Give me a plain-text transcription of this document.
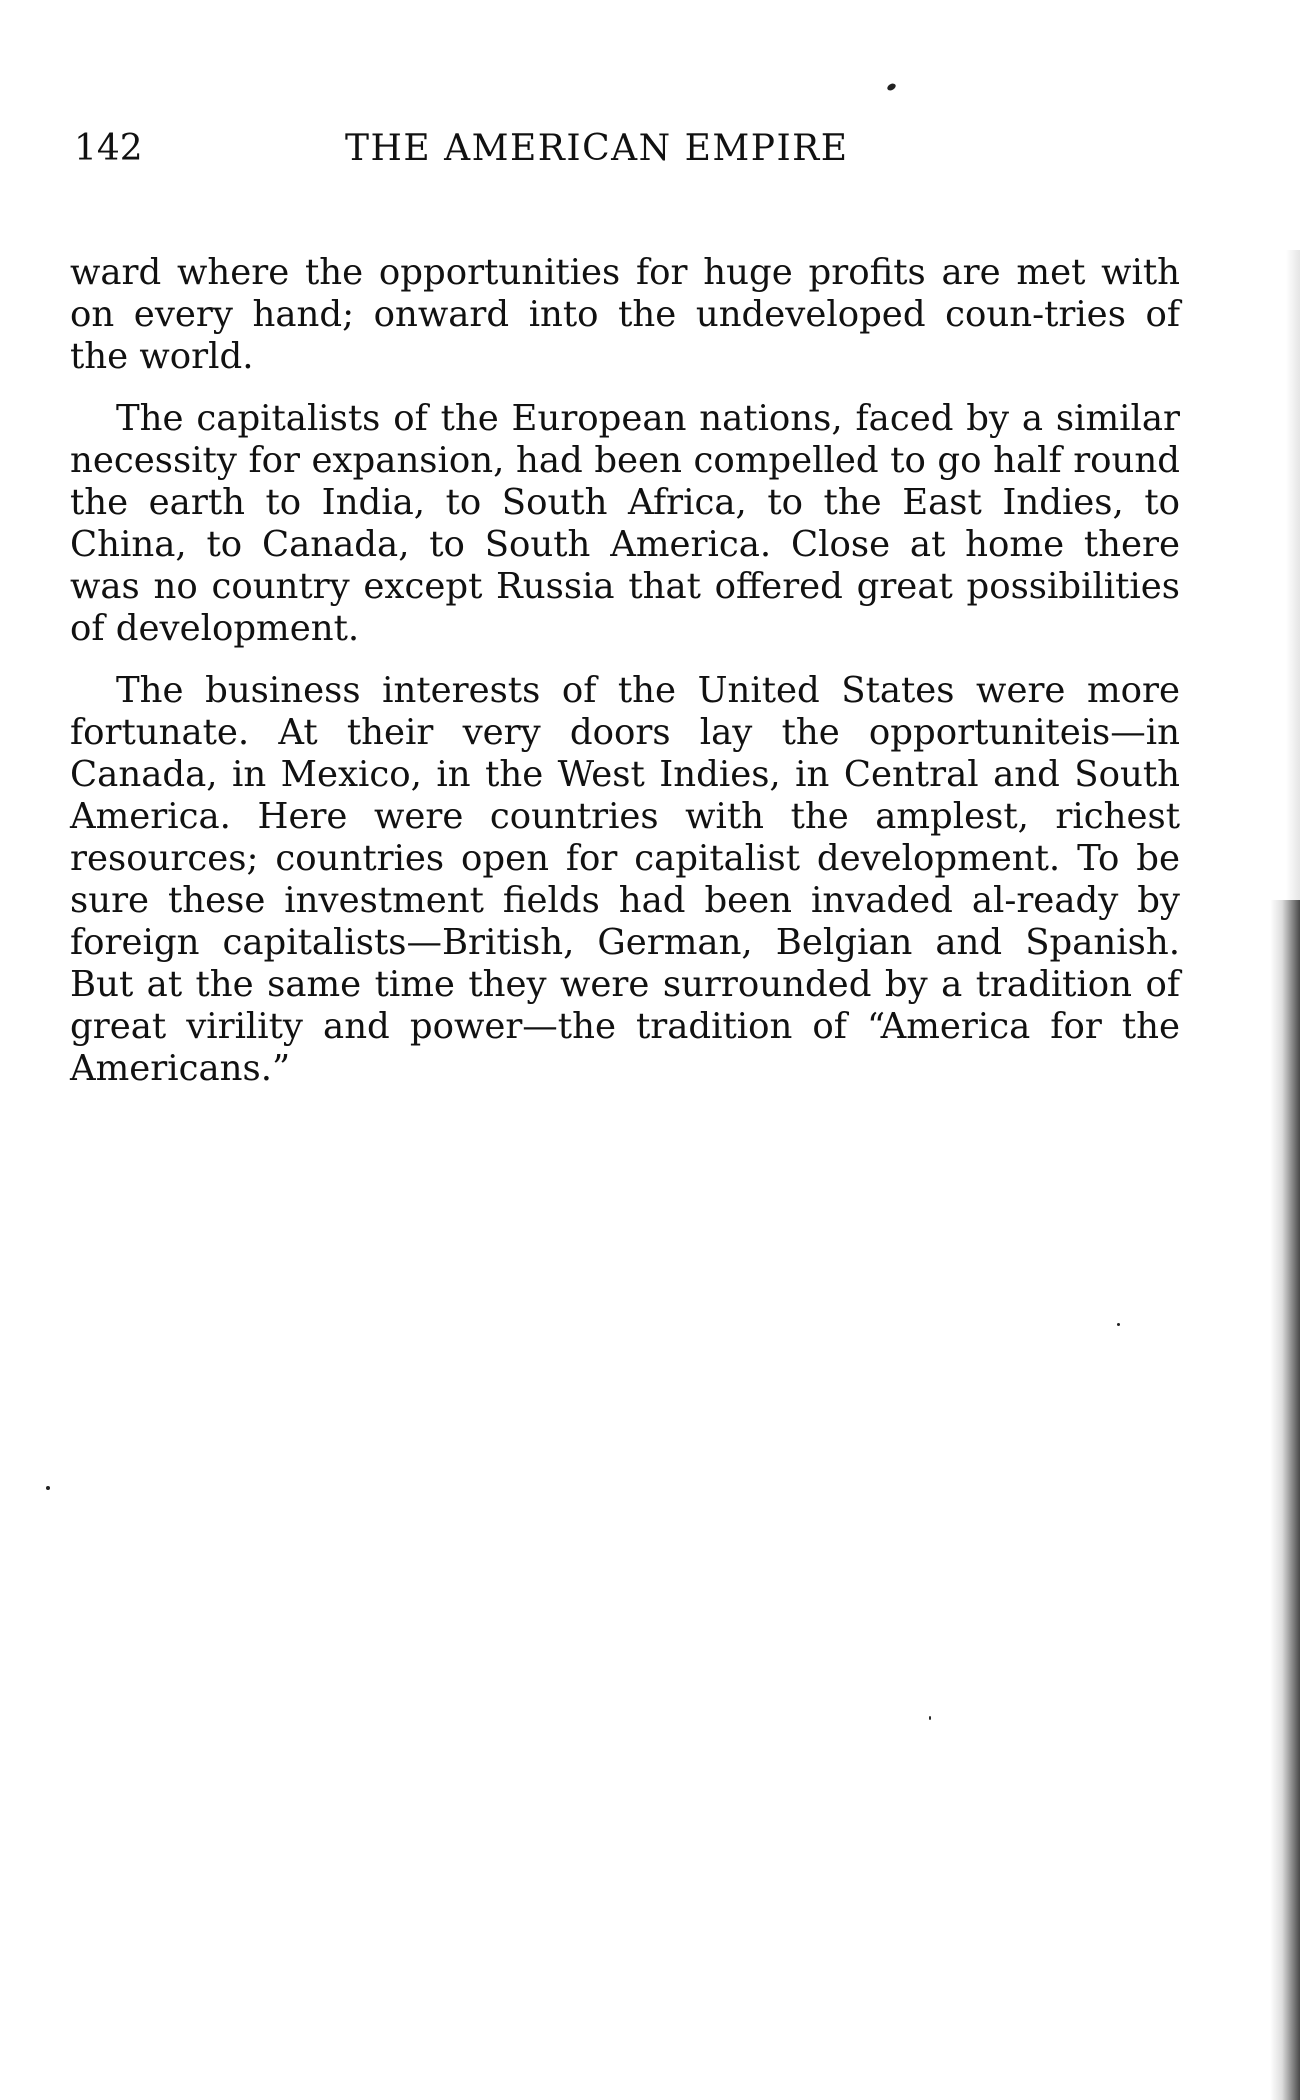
142	THE AMERICAN EMPIRE

ward where the opportunities for huge profits are met with on every hand; onward into the undeveloped coun-tries of the world.

The capitalists of the European nations, faced by a similar necessity for expansion, had been compelled to go half round the earth to India, to South Africa, to the East Indies, to China, to Canada, to South America. Close at home there was no country except Russia that offered great possibilities of development.

The business interests of the United States were more fortunate. At their very doors lay the opportuniteis—in Canada, in Mexico, in the West Indies, in Central and South America. Here were countries with the amplest, richest resources; countries open for capitalist development. To be sure these investment fields had been invaded al-ready by foreign capitalists—British, German, Belgian and Spanish. But at the same time they were surrounded by a tradition of great virility and power—the tradition of “America for the Americans.”
